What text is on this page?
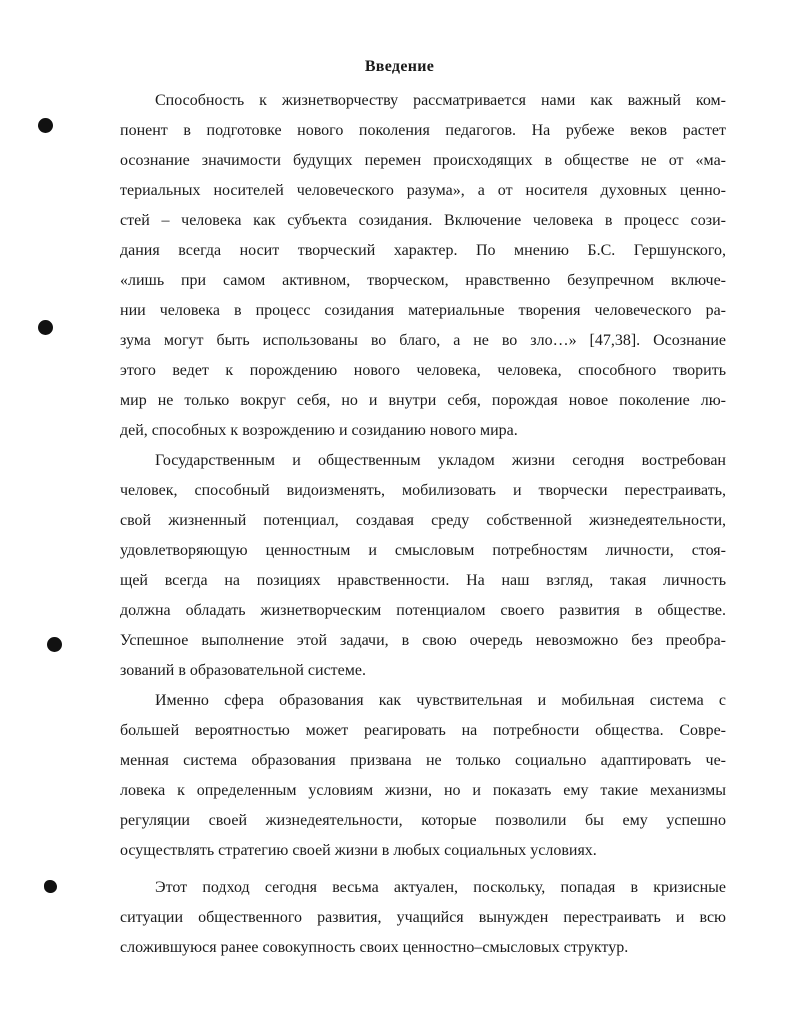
Введение
Способность к жизнетворчеству рассматривается нами как важный ком-
понент в подготовке нового поколения педагогов. На рубеже веков растет
осознание значимости будущих перемен происходящих в обществе не от «ма-
териальных носителей человеческого разума», а от носителя духовных ценно-
стей – человека как субъекта созидания. Включение человека в процесс сози-
дания всегда носит творческий характер. По мнению Б.С. Гершунского,
«лишь при самом активном, творческом, нравственно безупречном включе-
нии человека в процесс созидания материальные творения человеческого ра-
зума могут быть использованы во благо, а не во зло…» [47,38]. Осознание
этого ведет к порождению нового человека, человека, способного творить
мир не только вокруг себя, но и внутри себя, порождая новое поколение лю-
дей, способных к возрождению и созиданию нового мира.
Государственным и общественным укладом жизни сегодня востребован
человек, способный видоизменять, мобилизовать и творчески перестраивать,
свой жизненный потенциал, создавая среду собственной жизнедеятельности,
удовлетворяющую ценностным и смысловым потребностям личности, стоя-
щей всегда на позициях нравственности. На наш взгляд, такая личность
должна обладать жизнетворческим потенциалом своего развития в обществе.
Успешное выполнение этой задачи, в свою очередь невозможно без преобра-
зований в образовательной системе.
Именно сфера образования как чувствительная и мобильная система с
большей вероятностью может реагировать на потребности общества. Совре-
менная система образования призвана не только социально адаптировать че-
ловека к определенным условиям жизни, но и показать ему такие механизмы
регуляции своей жизнедеятельности, которые позволили бы ему успешно
осуществлять стратегию своей жизни в любых социальных условиях.
Этот подход сегодня весьма актуален, поскольку, попадая в кризисные
ситуации общественного развития, учащийся вынужден перестраивать и всю
сложившуюся ранее совокупность своих ценностно–смысловых структур.
